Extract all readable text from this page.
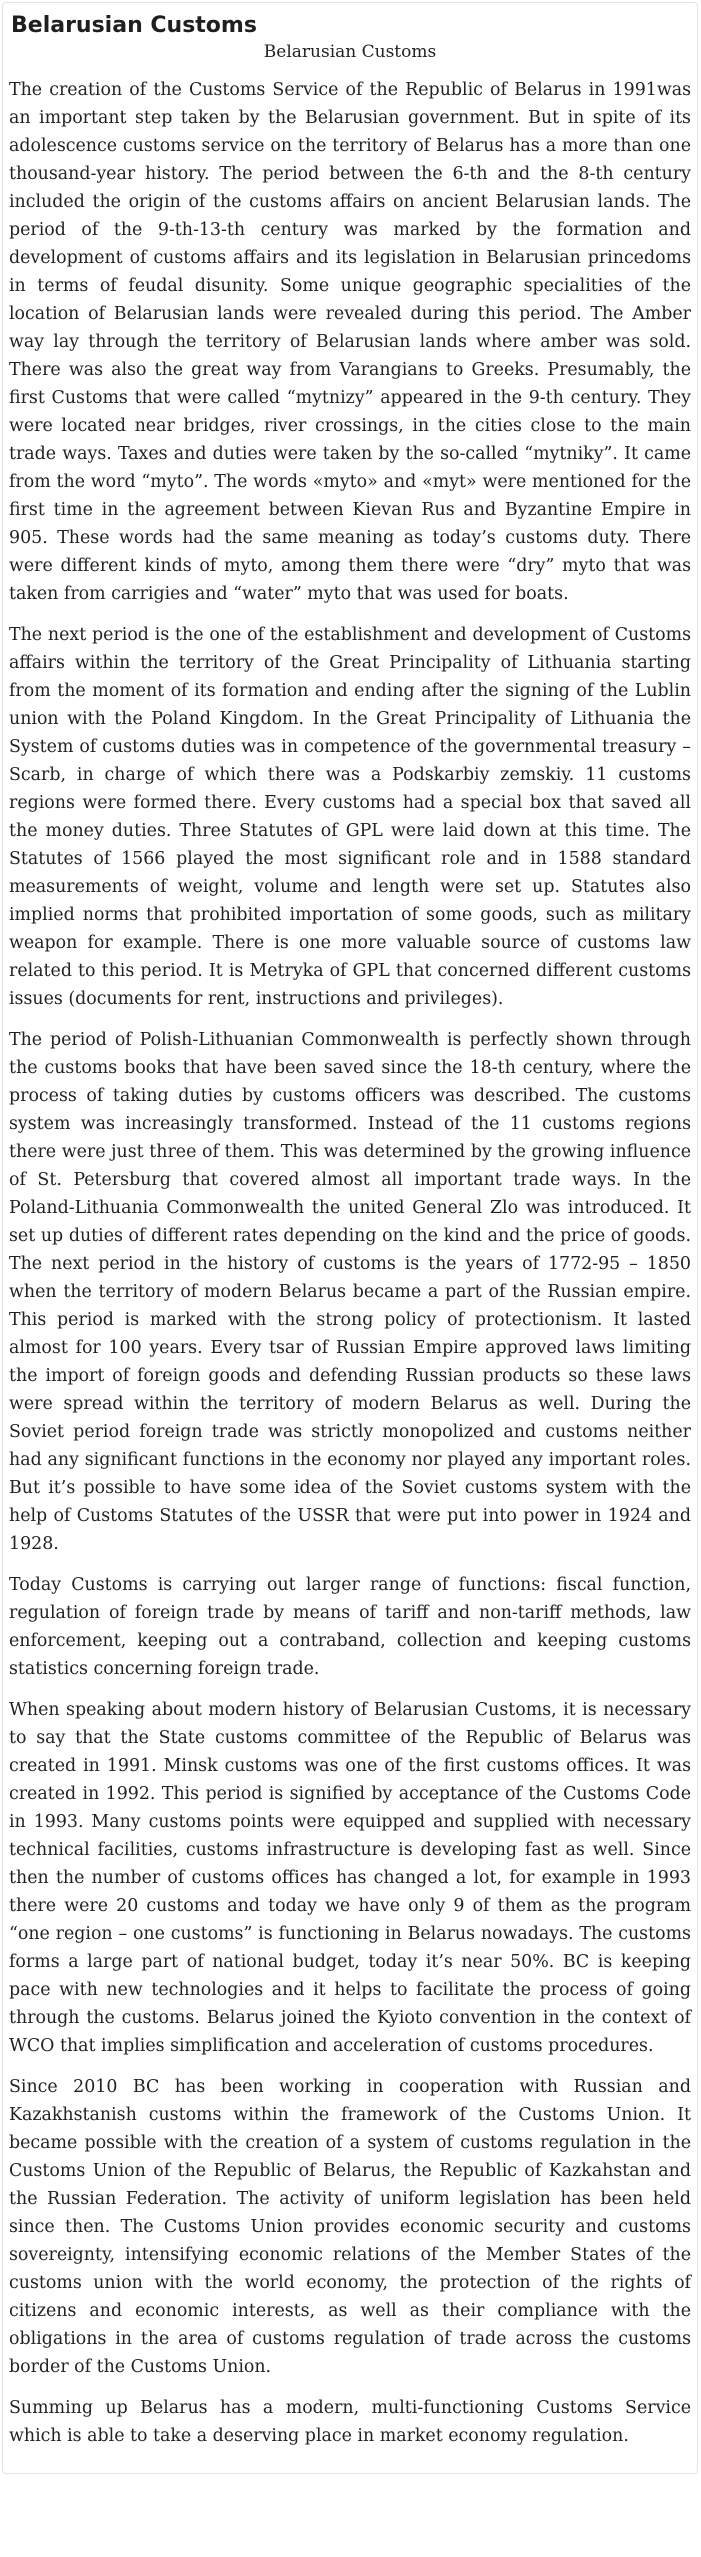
Belarusian Customs
Belarusian Customs

The creation of the Customs Service of the Republic of Belarus in 1991was an important step taken by the Belarusian government. But in spite of its adolescence customs service on the territory of Belarus has a more than one thousand-year history. The period between the 6-th and the 8-th century included the origin of the customs affairs on ancient Belarusian lands. The period of the 9-th-13-th century was marked by the formation and development of customs affairs and its legislation in Belarusian princedoms in terms of feudal disunity. Some unique geographic specialities of the location of Belarusian lands were revealed during this period. The Amber way lay through the territory of Belarusian lands where amber was sold. There was also the great way from Varangians to Greeks. Presumably, the first Customs that were called “mytnizy” appeared in the 9-th century. They were located near bridges, river crossings, in the cities close to the main trade ways. Taxes and duties were taken by the so-called “mytniky”. It came from the word “myto”. The words «myto» and «myt» were mentioned for the first time in the agreement between Kievan Rus and Byzantine Empire in 905. These words had the same meaning as today’s customs duty. There were different kinds of myto, among them there were “dry” myto that was taken from carrigies and “water” myto that was used for boats.

The next period is the one of the establishment and development of Customs affairs within the territory of the Great Principality of Lithuania starting from the moment of its formation and ending after the signing of the Lublin union with the Poland Kingdom. In the Great Principality of Lithuania the System of customs duties was in competence of the governmental treasury – Scarb, in charge of which there was a Podskarbiy zemskiy. 11 customs regions were formed there. Every customs had a special box that saved all the money duties. Three Statutes of GPL were laid down at this time. The Statutes of 1566 played the most significant role and in 1588 standard measurements of weight, volume and length were set up. Statutes also implied norms that prohibited importation of some goods, such as military weapon for example. There is one more valuable source of customs law related to this period. It is Metryka of GPL that concerned different customs issues (documents for rent, instructions and privileges).

The period of Polish-Lithuanian Commonwealth is perfectly shown through the customs books that have been saved since the 18-th century, where the process of taking duties by customs officers was described. The customs system was increasingly transformed. Instead of the 11 customs regions there were just three of them. This was determined by the growing influence of St. Petersburg that covered almost all important trade ways. In the Poland-Lithuania Commonwealth the united General Zlo was introduced. It set up duties of different rates depending on the kind and the price of goods. The next period in the history of customs is the years of 1772-95 – 1850 when the territory of modern Belarus became a part of the Russian empire. This period is marked with the strong policy of protectionism. It lasted almost for 100 years. Every tsar of Russian Empire approved laws limiting the import of foreign goods and defending Russian products so these laws were spread within the territory of modern Belarus as well. During the Soviet period foreign trade was strictly monopolized and customs neither had any significant functions in the economy nor played any important roles. But it’s possible to have some idea of the Soviet customs system with the help of Customs Statutes of the USSR that were put into power in 1924 and 1928.

Today Customs is carrying out larger range of functions: fiscal function, regulation of foreign trade by means of tariff and non-tariff methods, law enforcement, keeping out a contraband, collection and keeping customs statistics concerning foreign trade.

When speaking about modern history of Belarusian Customs, it is necessary to say that the State customs committee of the Republic of Belarus was created in 1991. Minsk customs was one of the first customs offices. It was created in 1992. This period is signified by acceptance of the Customs Code in 1993. Many customs points were equipped and supplied with necessary technical facilities, customs infrastructure is developing fast as well. Since then the number of customs offices has changed a lot, for example in 1993 there were 20 customs and today we have only 9 of them as the program “one region – one customs” is functioning in Belarus nowadays. The customs forms a large part of national budget, today it’s near 50%. BC is keeping pace with new technologies and it helps to facilitate the process of going through the customs. Belarus joined the Kyioto convention in the context of WCO that implies simplification and acceleration of customs procedures.

Since 2010 BC has been working in cooperation with Russian and Kazakhstanish customs within the framework of the Customs Union. It became possible with the creation of a system of customs regulation in the Customs Union of the Republic of Belarus, the Republic of Kazkahstan and the Russian Federation. The activity of uniform legislation has been held since then. The Customs Union provides economic security and customs sovereignty, intensifying economic relations of the Member States of the customs union with the world economy, the protection of the rights of citizens and economic interests, as well as their compliance with the obligations in the area of customs regulation of trade across the customs border of the Customs Union.

Summing up Belarus has a modern, multi-functioning Customs Service which is able to take a deserving place in market economy regulation.
